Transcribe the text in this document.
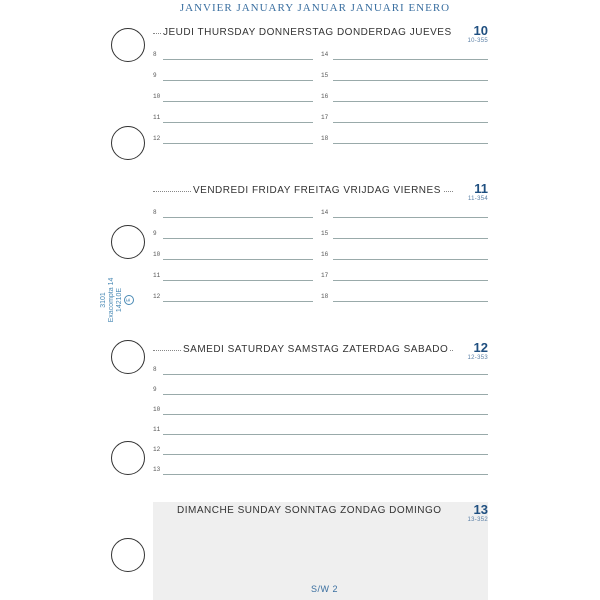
JANVIER JANUARY JANUAR JANUARI ENERO
3101 Exacompta 14 14210E E
JEUDI THURSDAY DONNERSTAG DONDERDAG JUEVES 10
10-355
8	14
9	15
10	16
11	17
12	18
VENDREDI FRIDAY FREITAG VRIJDAG VIERNES	11
11-354
8	14
9	15
10	16
11	17
12	18
SAMEDI SATURDAY SAMSTAG ZATERDAG SABADO 12
12-353
8
9
10
11
12
13
DIMANCHE SUNDAY SONNTAG ZONDAG DOMINGO 13
13-352
S/W 2
